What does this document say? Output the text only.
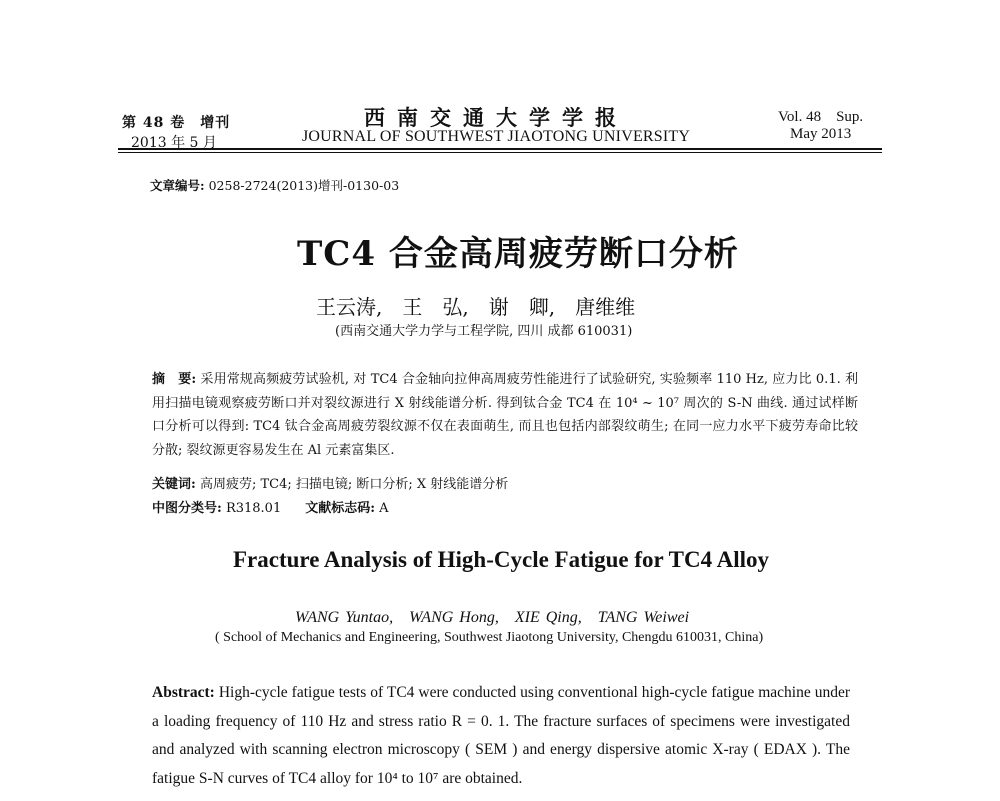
第 48 卷　增刊
2013 年 5 月
西南交通大学学报
JOURNAL OF SOUTHWEST JIAOTONG UNIVERSITY
Vol. 48　Sup.
May 2013
文章编号: 0258-2724(2013)增刊-0130-03
TC4 合金高周疲劳断口分析
王云涛,　王　弘,　谢　卿,　唐维维
(西南交通大学力学与工程学院, 四川 成都 610031)
摘　要: 采用常规高频疲劳试验机, 对 TC4 合金轴向拉伸高周疲劳性能进行了试验研究, 实验频率 110 Hz, 应力比 0.1. 利用扫描电镜观察疲劳断口并对裂纹源进行 X 射线能谱分析. 得到钛合金 TC4 在 10⁴ ~ 10⁷ 周次的 S-N 曲线. 通过试样断口分析可以得到: TC4 钛合金高周疲劳裂纹源不仅在表面萌生, 而且也包括内部裂纹萌生; 在同一应力水平下疲劳寿命比较分散; 裂纹源更容易发生在 Al 元素富集区.
关键词: 高周疲劳; TC4; 扫描电镜; 断口分析; X 射线能谱分析
中图分类号: R318.01 文献标志码: A
Fracture Analysis of High-Cycle Fatigue for TC4 Alloy
WANG Yuntao,　WANG Hong,　XIE Qing,　TANG Weiwei
( School of Mechanics and Engineering, Southwest Jiaotong University, Chengdu 610031, China)
Abstract: High-cycle fatigue tests of TC4 were conducted using conventional high-cycle fatigue machine under a loading frequency of 110 Hz and stress ratio R = 0. 1. The fracture surfaces of specimens were investigated and analyzed with scanning electron microscopy ( SEM ) and energy dispersive atomic X-ray ( EDAX ). The fatigue S-N curves of TC4 alloy for 10⁴ to 10⁷ are obtained.
